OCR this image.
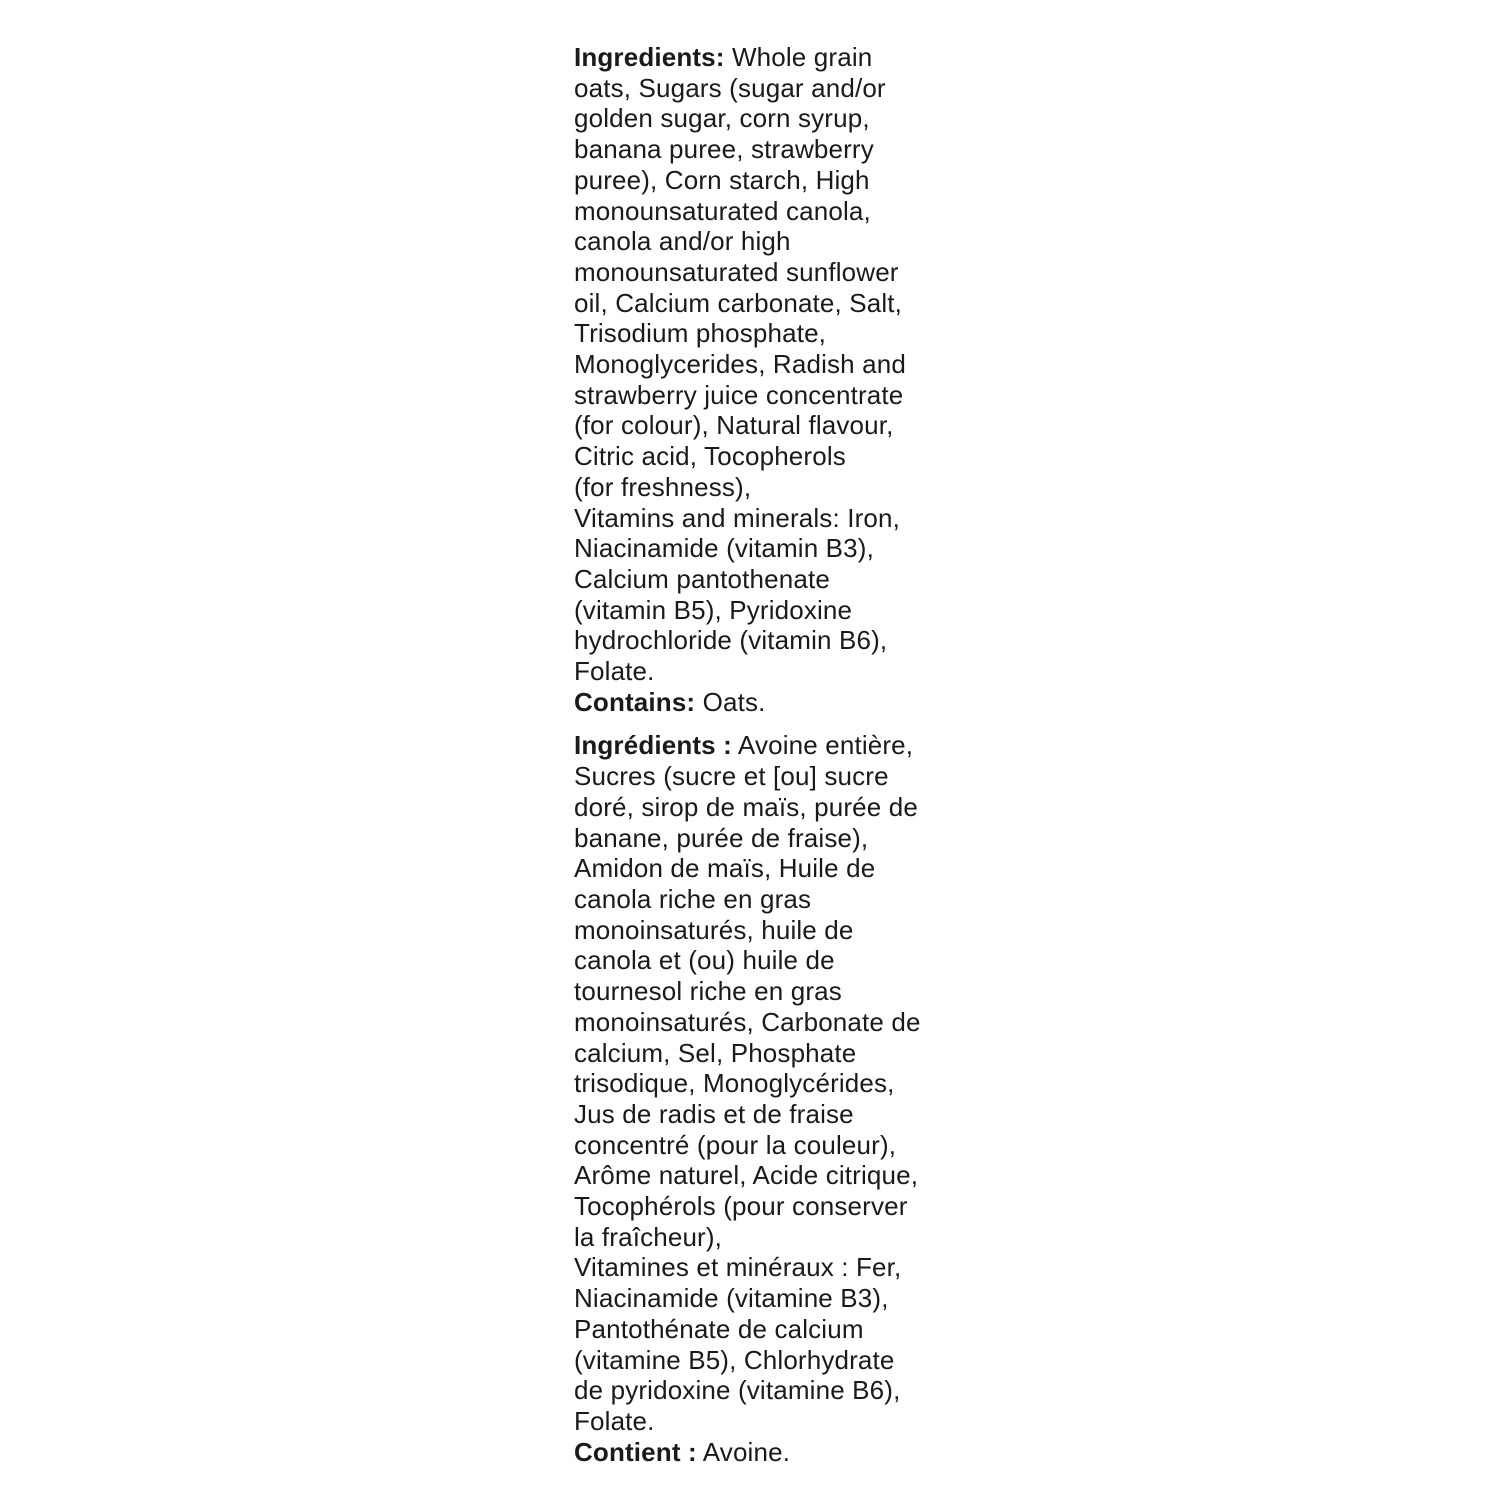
Ingredients: Whole grain
oats, Sugars (sugar and/or
golden sugar, corn syrup,
banana puree, strawberry
puree), Corn starch, High
monounsaturated canola,
canola and/or high
monounsaturated sunflower
oil, Calcium carbonate, Salt,
Trisodium phosphate,
Monoglycerides, Radish and
strawberry juice concentrate
(for colour), Natural flavour,
Citric acid, Tocopherols
(for freshness),
Vitamins and minerals: Iron,
Niacinamide (vitamin B3),
Calcium pantothenate
(vitamin B5), Pyridoxine
hydrochloride (vitamin B6),
Folate.
Contains: Oats.
Ingrédients : Avoine entière,
Sucres (sucre et [ou] sucre
doré, sirop de maïs, purée de
banane, purée de fraise),
Amidon de maïs, Huile de
canola riche en gras
monoinsaturés, huile de
canola et (ou) huile de
tournesol riche en gras
monoinsaturés, Carbonate de
calcium, Sel, Phosphate
trisodique, Monoglycérides,
Jus de radis et de fraise
concentré (pour la couleur),
Arôme naturel, Acide citrique,
Tocophérols (pour conserver
la fraîcheur),
Vitamines et minéraux : Fer,
Niacinamide (vitamine B3),
Pantothénate de calcium
(vitamine B5), Chlorhydrate
de pyridoxine (vitamine B6),
Folate.
Contient : Avoine.
